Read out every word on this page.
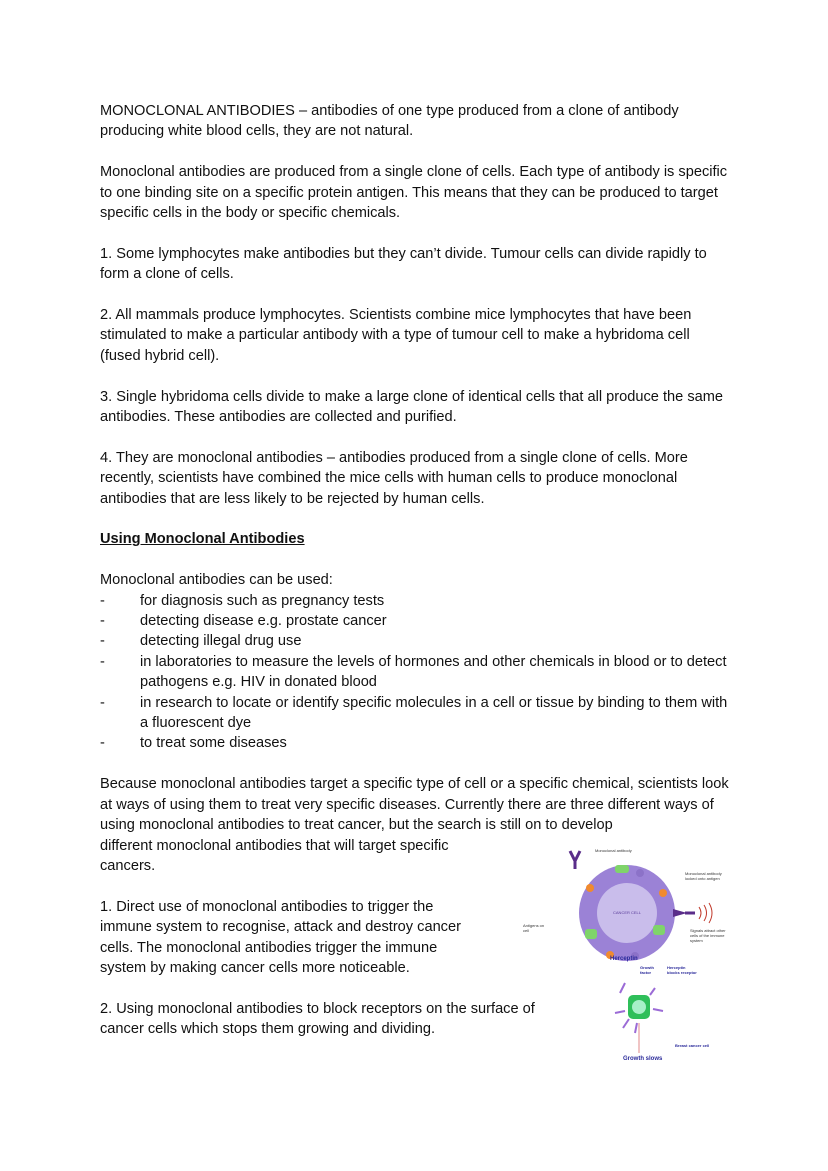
MONOCLONAL ANTIBODIES – antibodies of one type produced from a clone of antibody producing white blood cells, they are not natural.

Monoclonal antibodies are produced from a single clone of cells. Each type of antibody is specific to one binding site on a specific protein antigen. This means that they can be produced to target specific cells in the body or specific chemicals.

1. Some lymphocytes make antibodies but they can’t divide. Tumour cells can divide rapidly to form a clone of cells.

2. All mammals produce lymphocytes. Scientists combine mice lymphocytes that have been stimulated to make a particular antibody with a type of tumour cell to make a hybridoma cell (fused hybrid cell).

3. Single hybridoma cells divide to make a large clone of identical cells that all produce the same antibodies. These antibodies are collected and purified.

4. They are monoclonal antibodies – antibodies produced from a single clone of cells. More recently, scientists have combined the mice cells with human cells to produce monoclonal antibodies that are less likely to be rejected by human cells.

Using Monoclonal Antibodies

Monoclonal antibodies can be used:
- for diagnosis such as pregnancy tests
- detecting disease e.g. prostate cancer
- detecting illegal drug use
- in laboratories to measure the levels of hormones and other chemicals in blood or to detect pathogens e.g. HIV in donated blood
- in research to locate or identify specific molecules in a cell or tissue by binding to them with a fluorescent dye
- to treat some diseases

Because monoclonal antibodies target a specific type of cell or a specific chemical, scientists look at ways of using them to treat very specific diseases. Currently there are three different ways of using monoclonal antibodies to treat cancer, but the search is still on to develop

different monoclonal antibodies that will target specific cancers.

1. Direct use of monoclonal antibodies to trigger the immune system to recognise, attack and destroy cancer cells. The monoclonal antibodies trigger the immune system by making cancer cells more noticeable.

2. Using monoclonal antibodies to block receptors on the surface of cancer cells which stops them growing and dividing.

Monoclonal antibody
Monoclonal antibody locked onto antigen
CANCER CELL
Antigens on cell	Signals attract other cells of the immune system
Herceptin
Growth factor
Herceptin blocks receptor
Breast cancer cell
Growth slows
